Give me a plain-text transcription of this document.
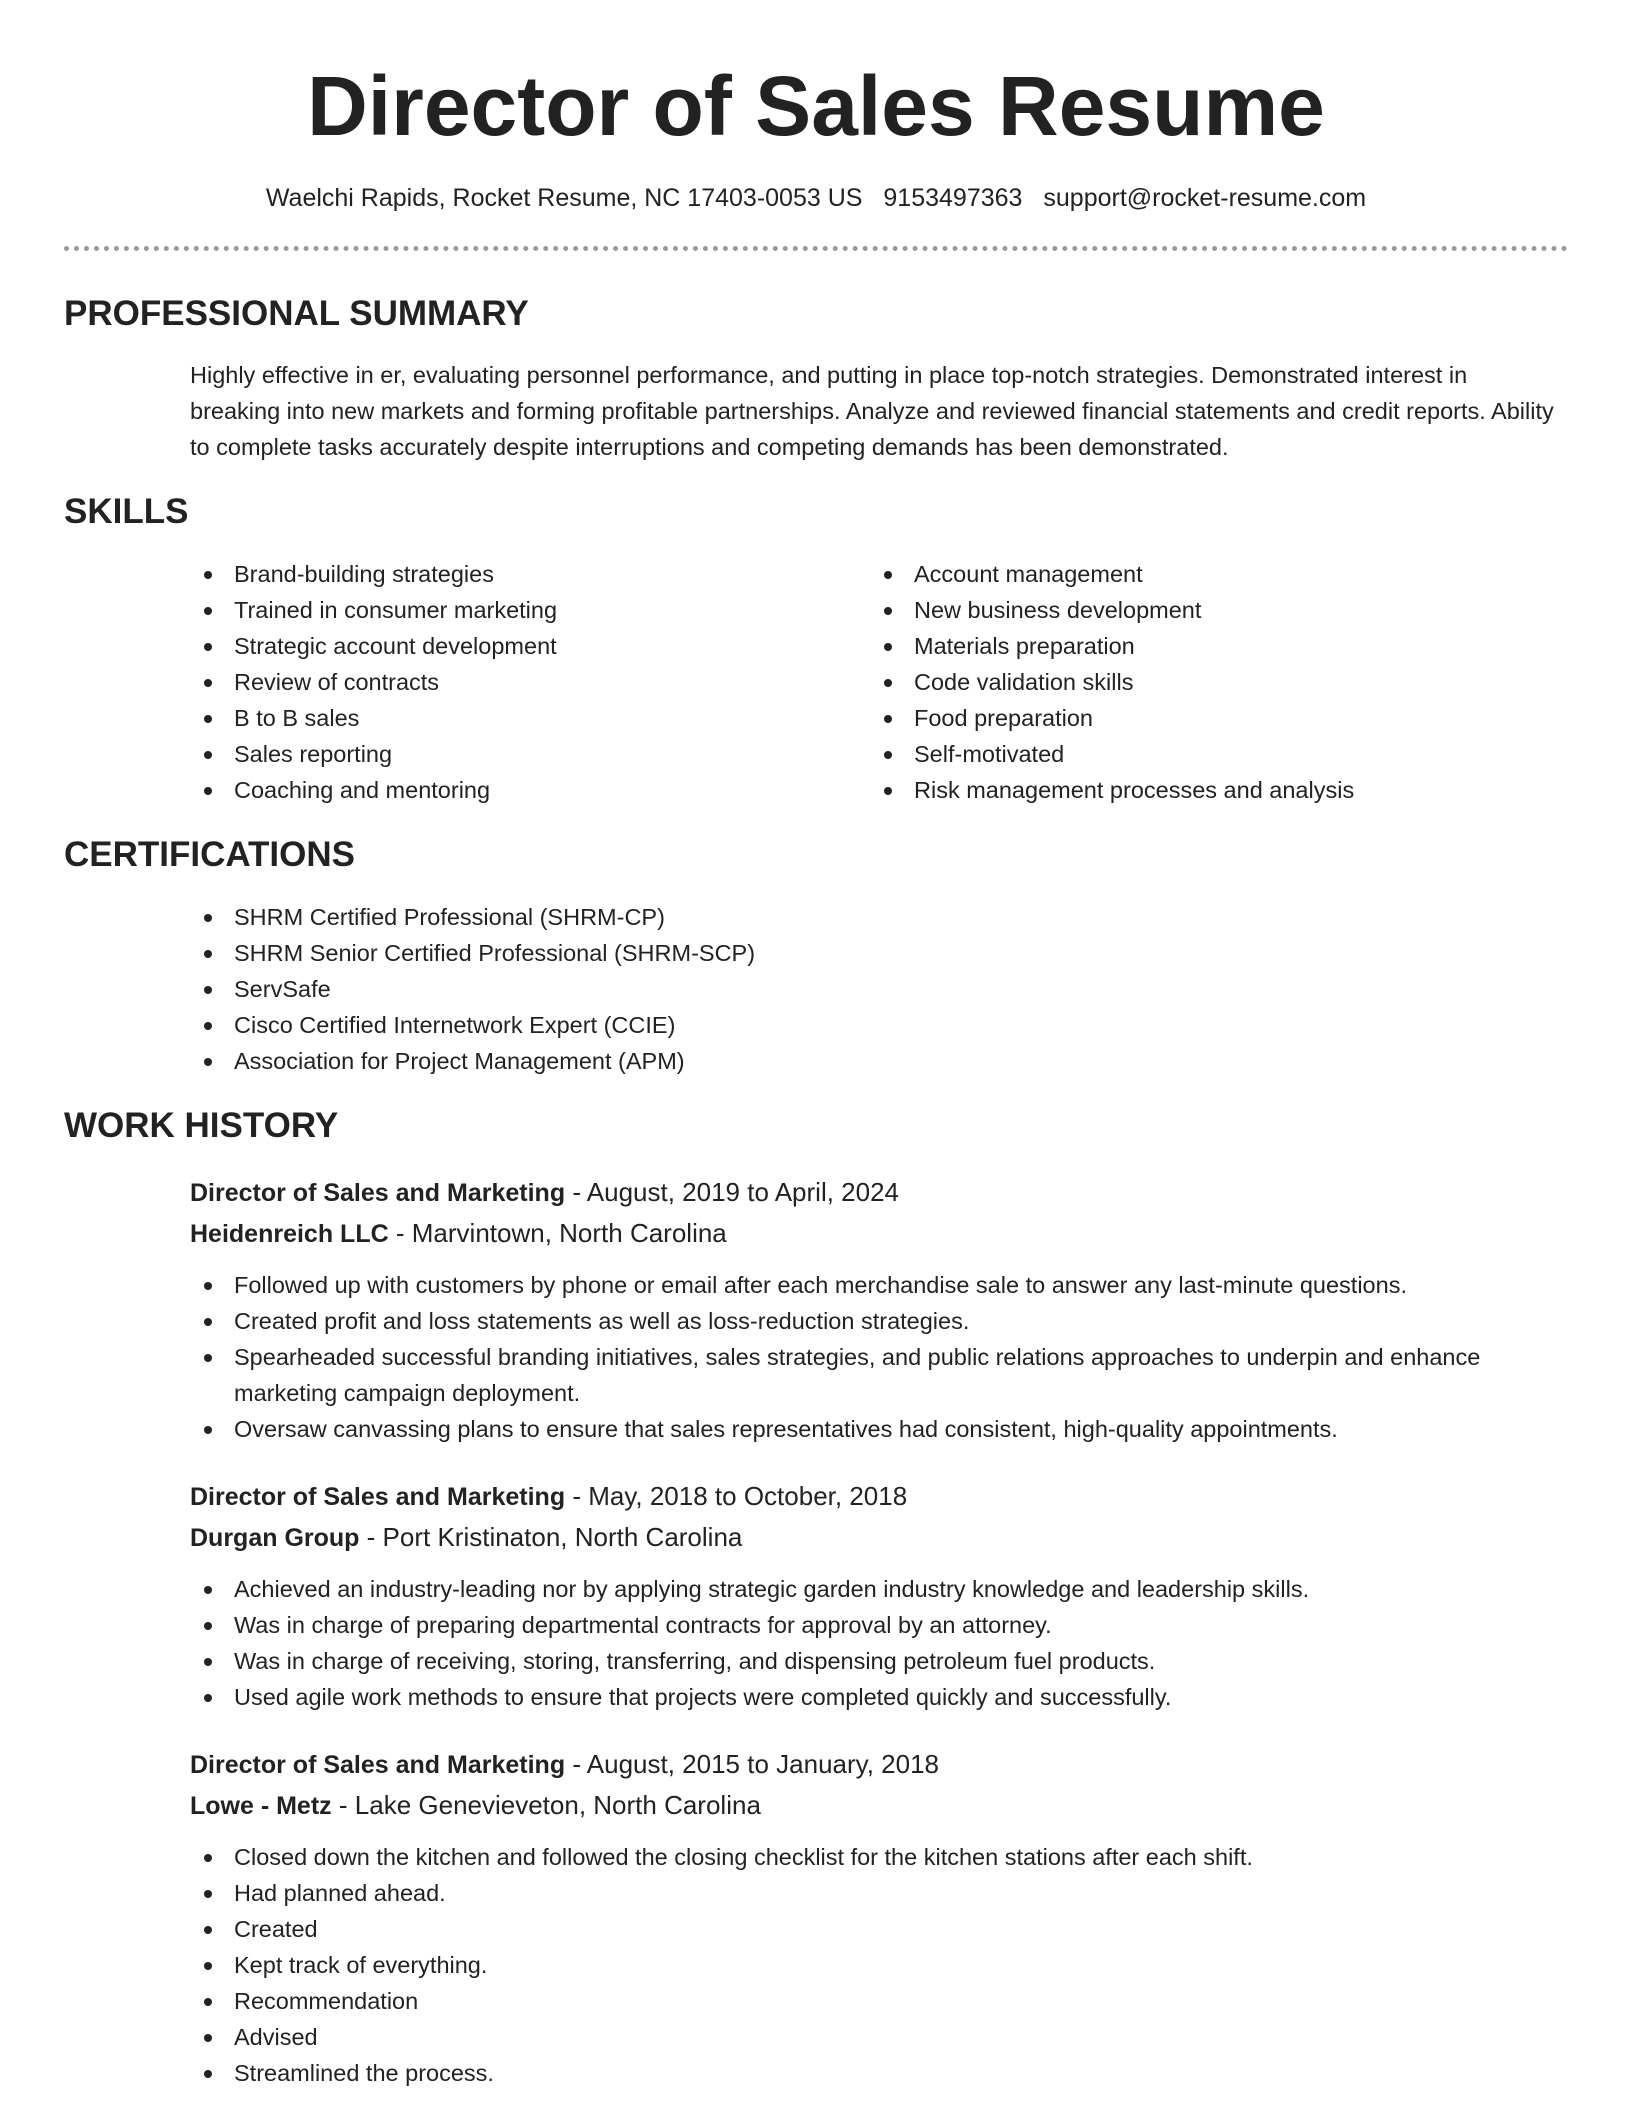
Director of Sales Resume
Waelchi Rapids, Rocket Resume, NC 17403-0053 US 9153497363 support@rocket-resume.com
PROFESSIONAL SUMMARY

Highly effective in er, evaluating personnel performance, and putting in place top-notch strategies. Demonstrated interest in breaking into new markets and forming profitable partnerships. Analyze and reviewed financial statements and credit reports. Ability to complete tasks accurately despite interruptions and competing demands has been demonstrated.

SKILLS
Brand-building strategies
Trained in consumer marketing
Strategic account development
Review of contracts
B to B sales
Sales reporting
Coaching and mentoring
Account management
New business development
Materials preparation
Code validation skills
Food preparation
Self-motivated
Risk management processes and analysis
CERTIFICATIONS
SHRM Certified Professional (SHRM-CP)
SHRM Senior Certified Professional (SHRM-SCP)
ServSafe
Cisco Certified Internetwork Expert (CCIE)
Association for Project Management (APM)
WORK HISTORY
Director of Sales and Marketing - August, 2019 to April, 2024
Heidenreich LLC - Marvintown, North Carolina
Followed up with customers by phone or email after each merchandise sale to answer any last-minute questions.
Created profit and loss statements as well as loss-reduction strategies.
Spearheaded successful branding initiatives, sales strategies, and public relations approaches to underpin and enhance marketing campaign deployment.
Oversaw canvassing plans to ensure that sales representatives had consistent, high-quality appointments.
Director of Sales and Marketing - May, 2018 to October, 2018
Durgan Group - Port Kristinaton, North Carolina
Achieved an industry-leading nor by applying strategic garden industry knowledge and leadership skills.
Was in charge of preparing departmental contracts for approval by an attorney.
Was in charge of receiving, storing, transferring, and dispensing petroleum fuel products.
Used agile work methods to ensure that projects were completed quickly and successfully.
Director of Sales and Marketing - August, 2015 to January, 2018
Lowe - Metz - Lake Genevieveton, North Carolina
Closed down the kitchen and followed the closing checklist for the kitchen stations after each shift.
Had planned ahead.
Created
Kept track of everything.
Recommendation
Advised
Streamlined the process.
